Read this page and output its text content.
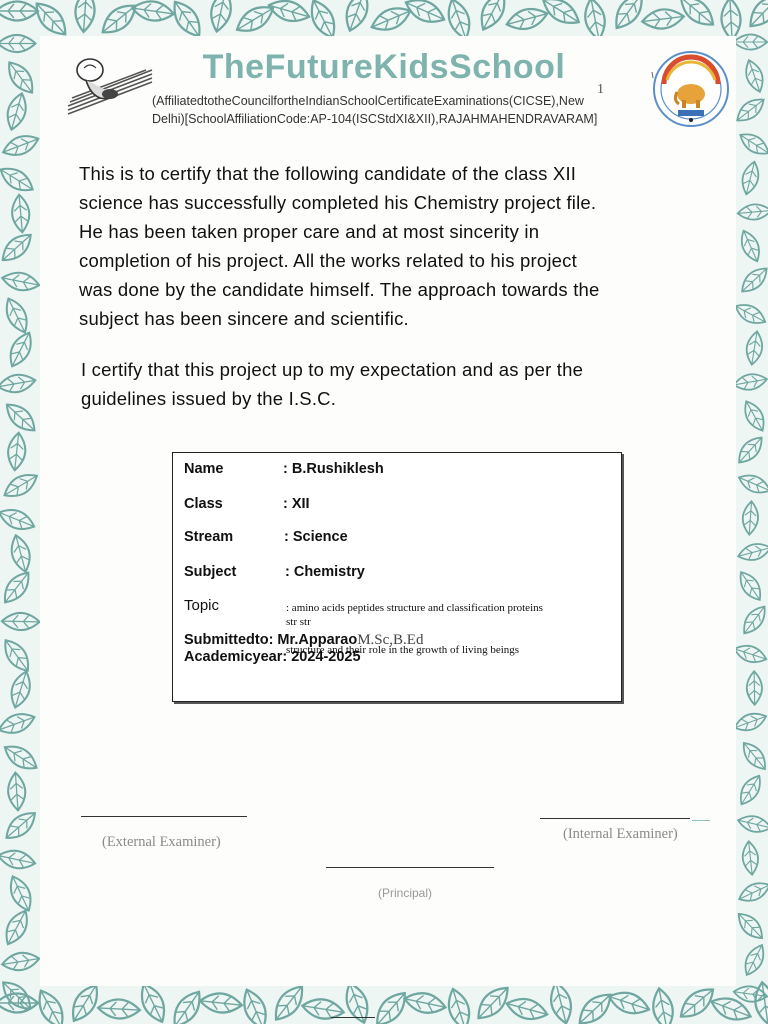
TheFutureKidsSchool
1
(AffiliatedtotheCouncilfortheIndianSchoolCertificateExaminations(CICSE),New
Delhi)[SchoolAffiliationCode:AP-104(ISCStdXI&XII),RAJAHMAHENDRAVARAM]
This is to certify that the following candidate of the class XII
science has successfully completed his Chemistry project file.
He has been taken proper care and at most sincerity in
completion of his project. All the works related to his project
was done by the candidate himself. The approach towards the
subject has been sincere and scientific.
I certify that this project up to my expectation and as per the
guidelines issued by the I.S.C.
Name	: B.Rushiklesh
Class	: XII
Stream	: Science
Subject	: Chemistry
Topic	: amino acids peptides structure and classification proteins
str str
structure and their role in the growth of living beings
Submittedto: Mr.ApparaoM.Sc,B.Ed
Academicyear: 2024-2025
(External Examiner)	(Internal Examiner)
(Principal)
